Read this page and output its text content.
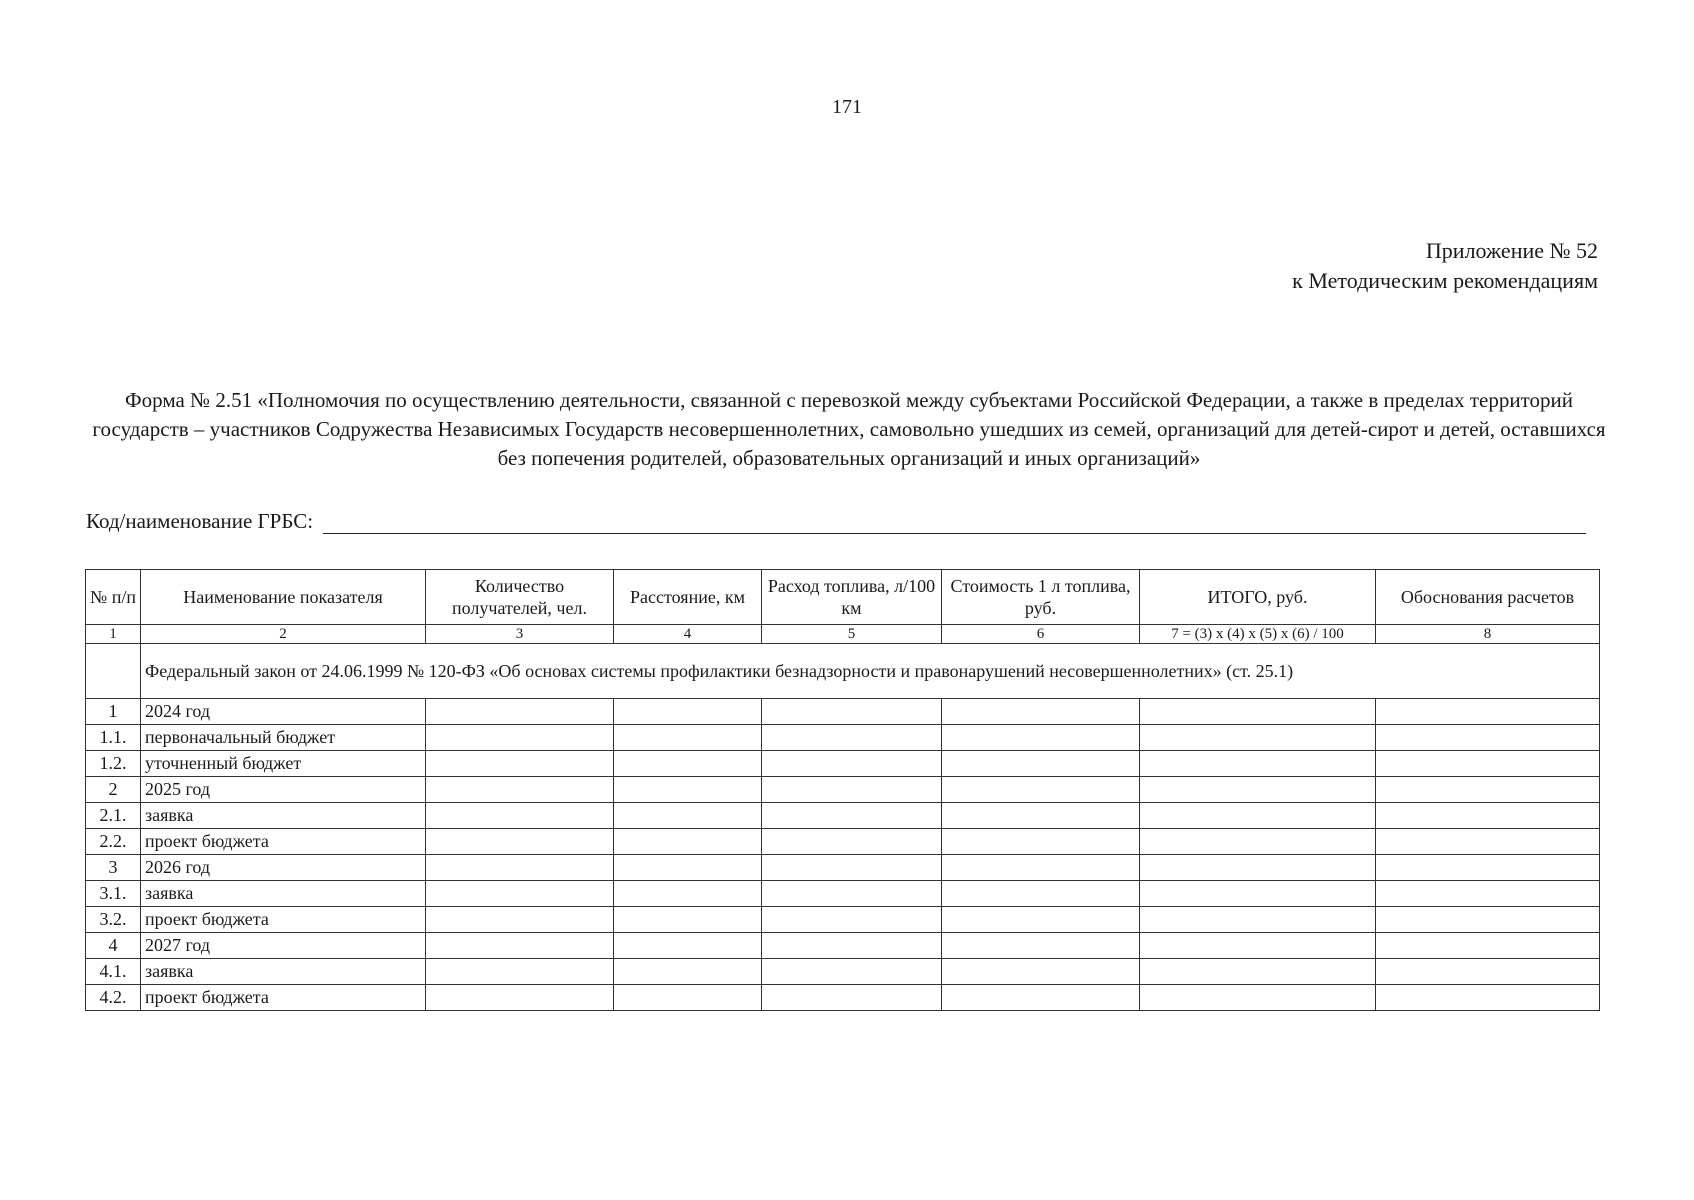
171
Приложение № 52
к Методическим рекомендациям
Форма № 2.51 «Полномочия по осуществлению деятельности, связанной с перевозкой между субъектами Российской Федерации, а также в пределах территорий государств – участников Содружества Независимых Государств несовершеннолетних, самовольно ушедших из семей, организаций для детей-сирот и детей, оставшихся без попечения родителей, образовательных организаций и иных организаций»
Код/наименование ГРБС:
№ п/п	Наименование показателя	Количество получателей, чел.	Расстояние, км	Расход топлива, л/100 км	Стоимость 1 л топлива, руб.	ИТОГО, руб.	Обоснования расчетов
1	2	3	4	5	6	7 = (3) x (4) x (5) x (6) / 100	8
	Федеральный закон от 24.06.1999 № 120-ФЗ «Об основах системы профилактики безнадзорности и правонарушений несовершеннолетних» (ст. 25.1)						
1	2024 год						
1.1.	первоначальный бюджет						
1.2.	уточненный бюджет						
2	2025 год						
2.1.	заявка						
2.2.	проект бюджета						
3	2026 год						
3.1.	заявка						
3.2.	проект бюджета						
4	2027 год						
4.1.	заявка						
4.2.	проект бюджета						
